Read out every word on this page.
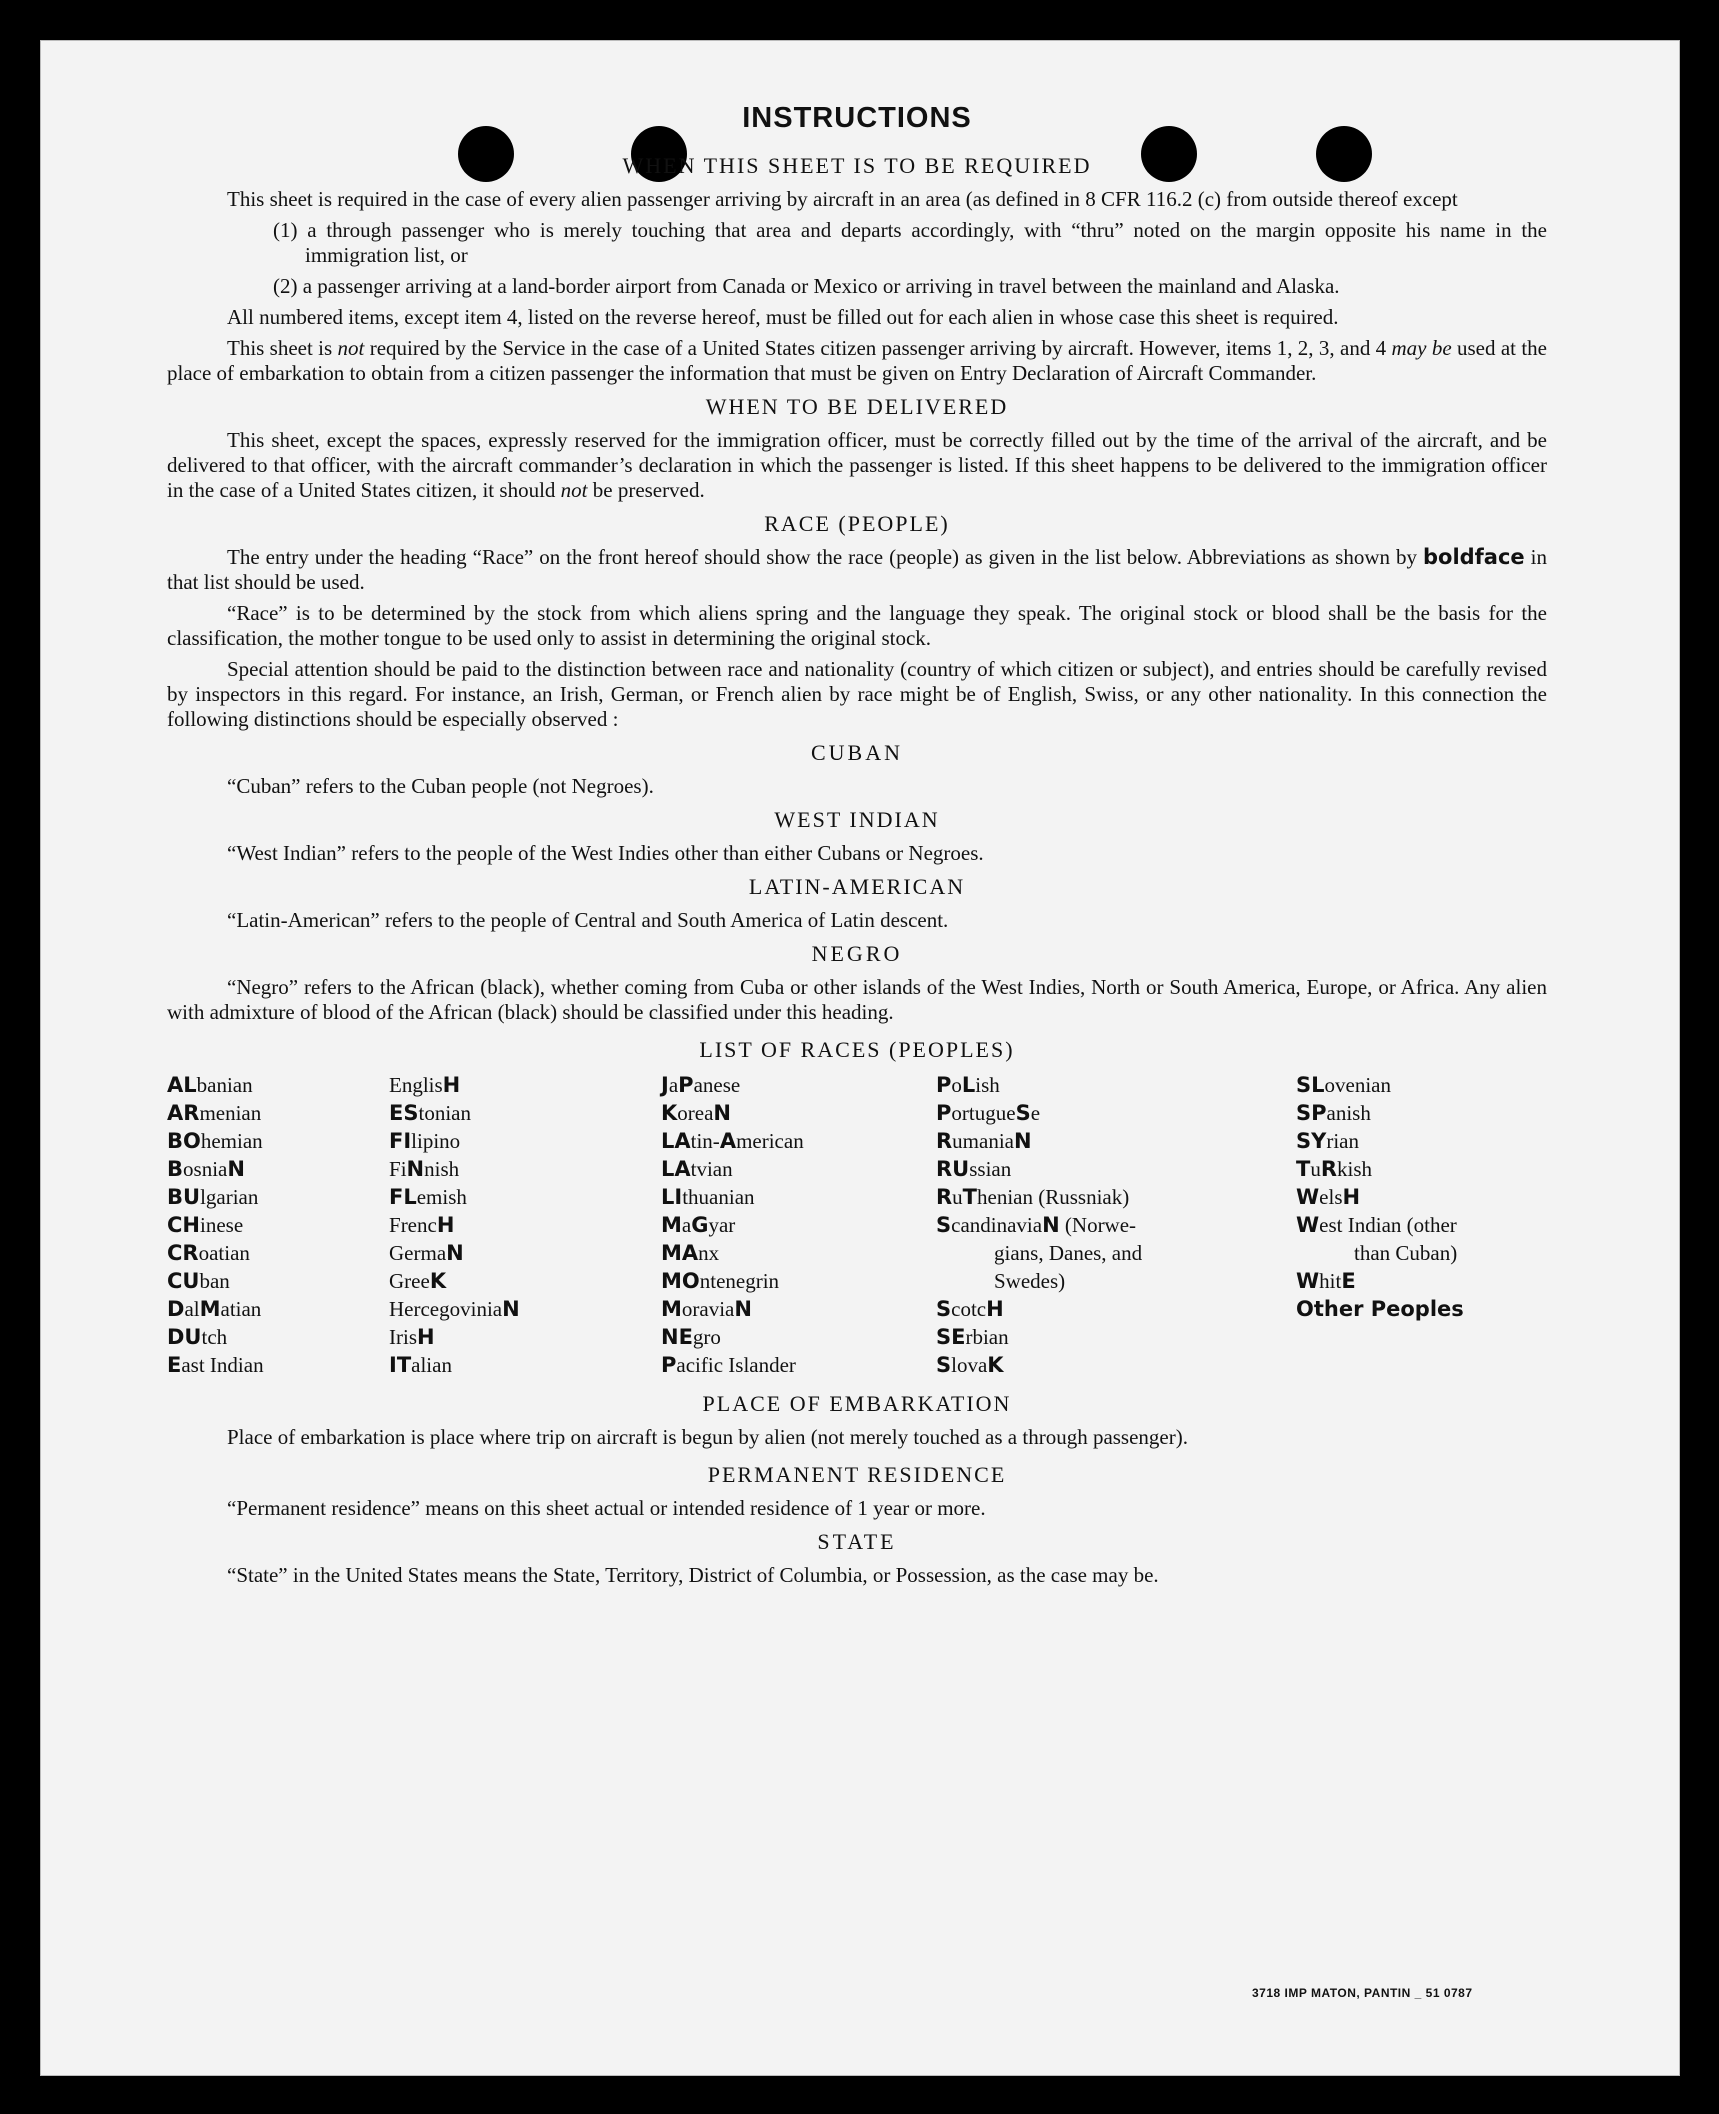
INSTRUCTIONS
WHEN THIS SHEET IS TO BE REQUIRED

This sheet is required in the case of every alien passenger arriving by aircraft in an area (as defined in 8 CFR 116.2 (c) from outside thereof except

(1) a through passenger who is merely touching that area and departs accordingly, with “thru” noted on the margin opposite his name in the immigration list, or
(2) a passenger arriving at a land-border airport from Canada or Mexico or arriving in travel between the mainland and Alaska.

All numbered items, except item 4, listed on the reverse hereof, must be filled out for each alien in whose case this sheet is required.

This sheet is not required by the Service in the case of a United States citizen passenger arriving by aircraft. However, items 1, 2, 3, and 4 may be used at the place of embarkation to obtain from a citizen passenger the information that must be given on Entry Declaration of Aircraft Commander.

WHEN TO BE DELIVERED

This sheet, except the spaces, expressly reserved for the immigration officer, must be correctly filled out by the time of the arrival of the aircraft, and be delivered to that officer, with the aircraft commander’s declaration in which the passenger is listed. If this sheet happens to be delivered to the immigration officer in the case of a United States citizen, it should not be preserved.

RACE (PEOPLE)

The entry under the heading “Race” on the front hereof should show the race (people) as given in the list below. Abbreviations as shown by boldface in that list should be used.

“Race” is to be determined by the stock from which aliens spring and the language they speak. The original stock or blood shall be the basis for the classification, the mother tongue to be used only to assist in determining the original stock.

Special attention should be paid to the distinction between race and nationality (country of which citizen or subject), and entries should be carefully revised by inspectors in this regard. For instance, an Irish, German, or French alien by race might be of English, Swiss, or any other nationality. In this connection the following distinctions should be especially observed :

CUBAN

“Cuban” refers to the Cuban people (not Negroes).

WEST INDIAN

“West Indian” refers to the people of the West Indies other than either Cubans or Negroes.

LATIN-AMERICAN

“Latin-American” refers to the people of Central and South America of Latin descent.

NEGRO

“Negro” refers to the African (black), whether coming from Cuba or other islands of the West Indies, North or South America, Europe, or Africa. Any alien with admixture of blood of the African (black) should be classified under this heading.

LIST OF RACES (PEOPLES)
ALbanian
ARmenian
BOhemian
BosniaN
BUlgarian
CHinese
CRoatian
CUban
DalMatian
DUtch
East Indian
EnglisH
EStonian
FIlipino
FiNnish
FLemish
FrencH
GermaN
GreeK
HercegoviniaN
IrisH
ITalian
JaPanese
KoreaN
LAtin-American
LAtvian
LIthuanian
MaGyar
MAnx
MOntenegrin
MoraviaN
NEgro
Pacific Islander
PoLish
PortugueSe
RumaniaN
RUssian
RuThenian (Russniak)
ScandinaviaN (Norwe-
gians, Danes, and
Swedes)
ScotcH
SErbian
SlovaK
SLovenian
SPanish
SYrian
TuRkish
WelsH
West Indian (other
than Cuban)
WhitE
Other Peoples
PLACE OF EMBARKATION

Place of embarkation is place where trip on aircraft is begun by alien (not merely touched as a through passenger).

PERMANENT RESIDENCE

“Permanent residence” means on this sheet actual or intended residence of 1 year or more.

STATE

“State” in the United States means the State, Territory, District of Columbia, or Possession, as the case may be.

3718 IMP MATON, PANTIN _ 51 0787
